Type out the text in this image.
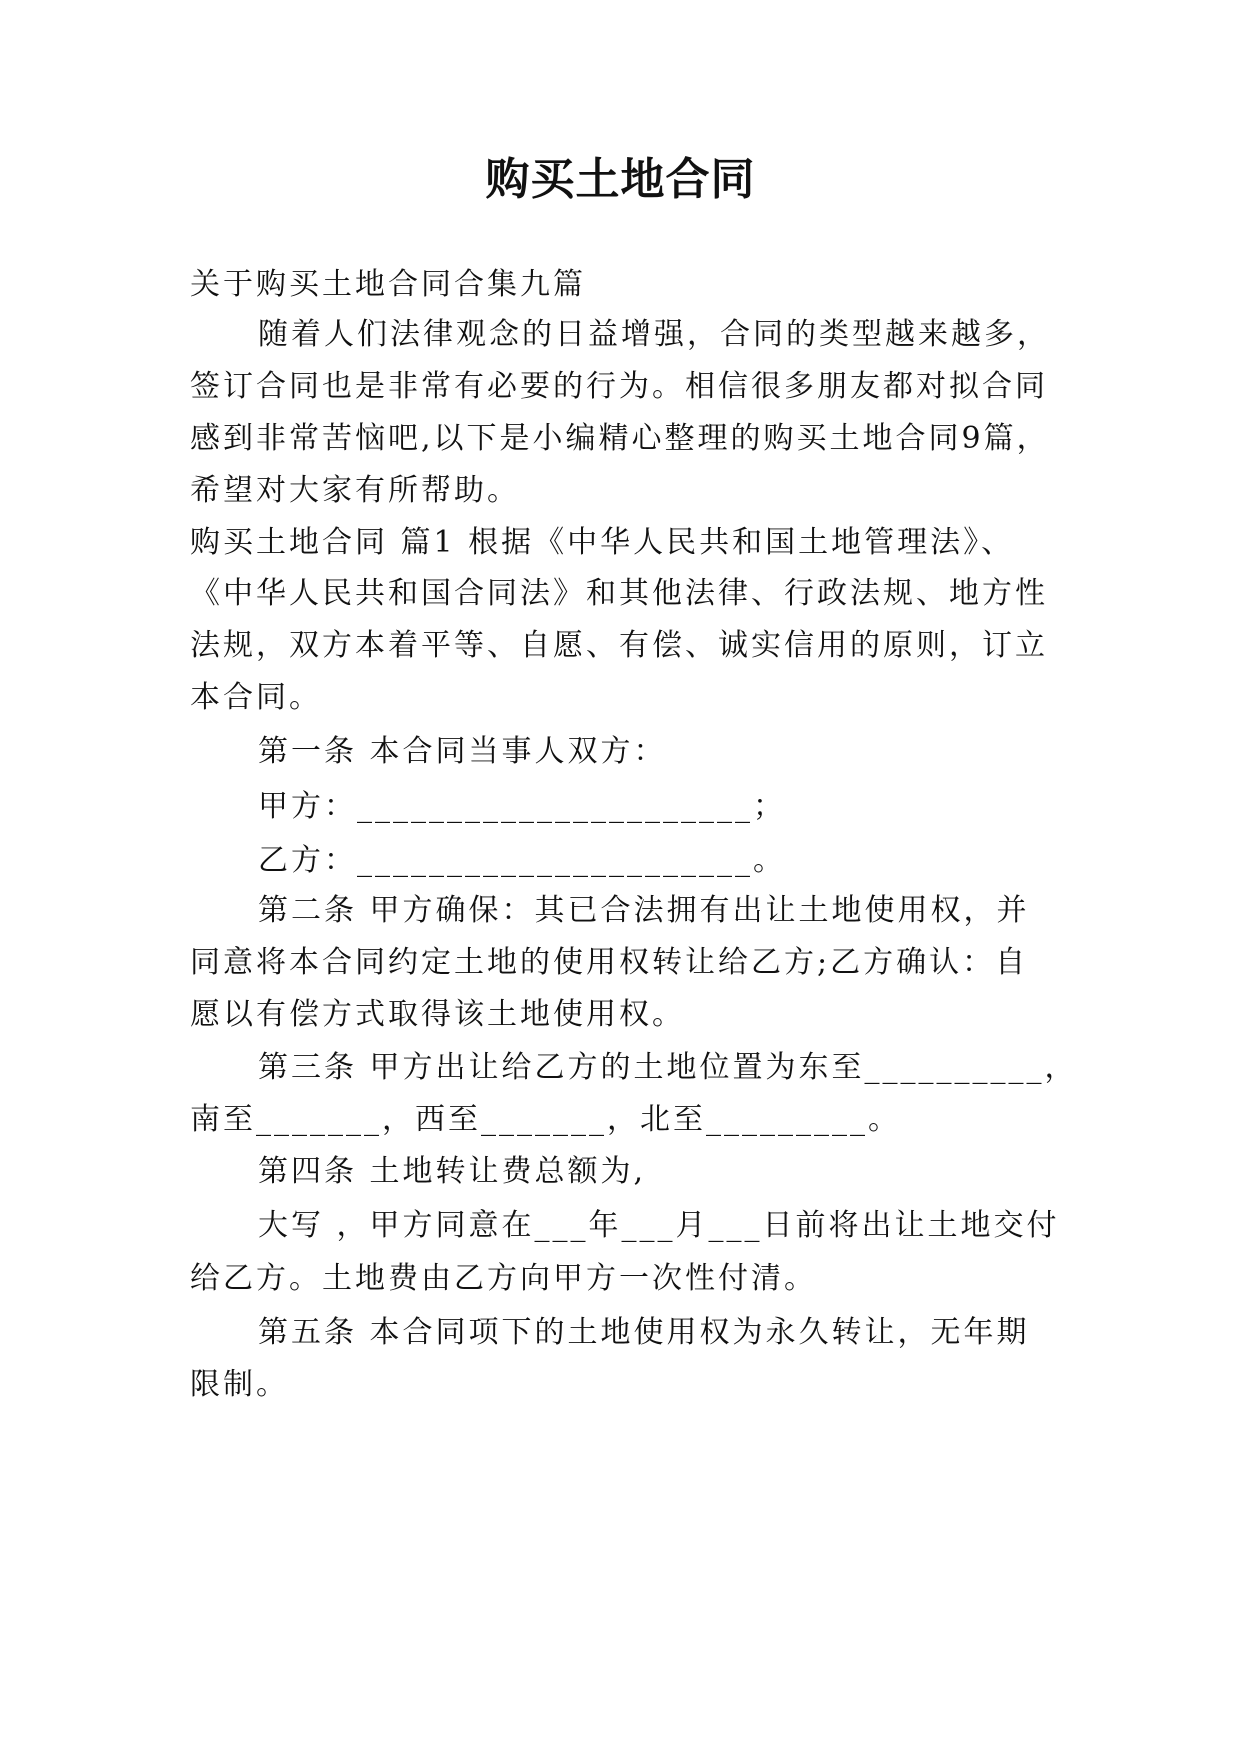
购买土地合同
关于购买土地合同合集九篇
随着人们法律观念的日益增强，合同的类型越来越多，
签订合同也是非常有必要的行为。相信很多朋友都对拟合同
感到非常苦恼吧,以下是小编精心整理的购买土地合同9篇，
希望对大家有所帮助。
购买土地合同 篇1 根据《中华人民共和国土地管理法》、
《中华人民共和国合同法》和其他法律、行政法规、地方性
法规，双方本着平等、自愿、有偿、诚实信用的原则，订立
本合同。
第一条 本合同当事人双方：
甲方：______________________；
乙方：______________________。
第二条 甲方确保：其已合法拥有出让土地使用权，并
同意将本合同约定土地的使用权转让给乙方;乙方确认：自
愿以有偿方式取得该土地使用权。
第三条 甲方出让给乙方的土地位置为东至__________，
南至_______，西至_______，北至_________。
第四条 土地转让费总额为,
大写 ，甲方同意在___年___月___日前将出让土地交付
给乙方。土地费由乙方向甲方一次性付清。
第五条 本合同项下的土地使用权为永久转让，无年期
限制。
